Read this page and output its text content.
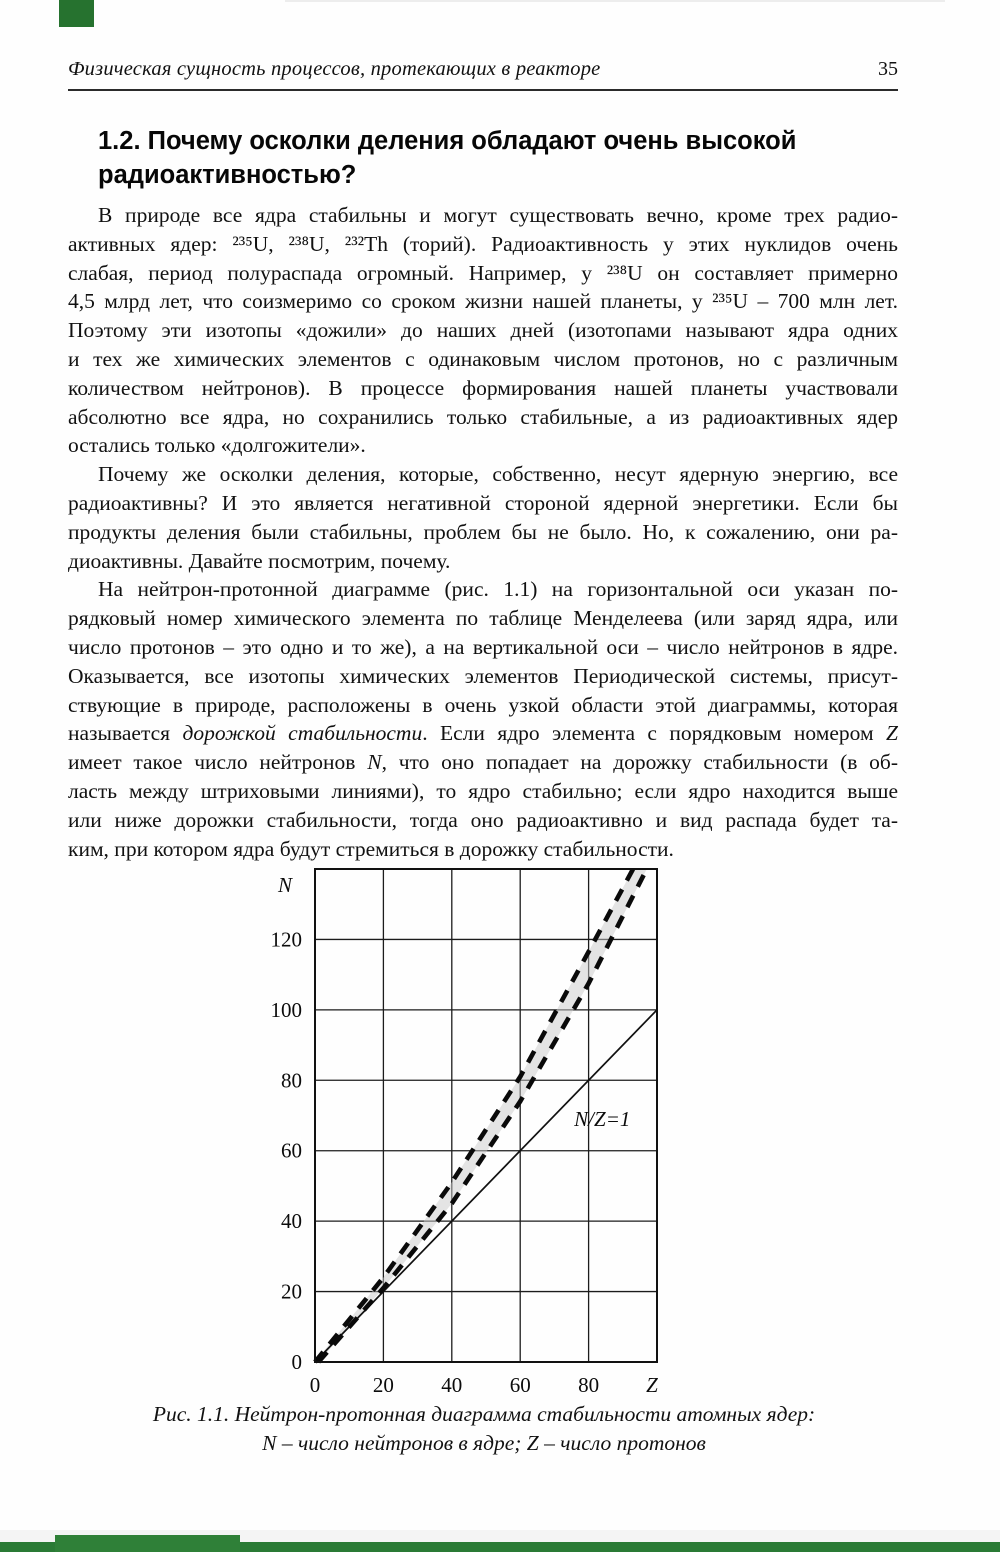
Физическая сущность процессов, протекающих в реакторе	35
1.2. Почему осколки деления обладают очень высокой
радиоактивностью?
В природе все ядра стабильны и могут существовать вечно, кроме трех радио-
активных ядер: ²³⁵U, ²³⁸U, ²³²Th (торий). Радиоактивность у этих нуклидов очень
слабая, период полураспада огромный. Например, у ²³⁸U он составляет примерно
4,5 млрд лет, что соизмеримо со сроком жизни нашей планеты, у ²³⁵U – 700 млн лет.
Поэтому эти изотопы «дожили» до наших дней (изотопами называют ядра одних
и тех же химических элементов с одинаковым числом протонов, но с различным
количеством нейтронов). В процессе формирования нашей планеты участвовали
абсолютно все ядра, но сохранились только стабильные, а из радиоактивных ядер
остались только «долгожители».
Почему же осколки деления, которые, собственно, несут ядерную энергию, все
радиоактивны? И это является негативной стороной ядерной энергетики. Если бы
продукты деления были стабильны, проблем бы не было. Но, к сожалению, они ра-
диоактивны. Давайте посмотрим, почему.
На нейтрон-протонной диаграмме (рис. 1.1) на горизонтальной оси указан по-
рядковый номер химического элемента по таблице Менделеева (или заряд ядра, или
число протонов – это одно и то же), а на вертикальной оси – число нейтронов в ядре.
Оказывается, все изотопы химических элементов Периодической системы, присут-
ствующие в природе, расположены в очень узкой области этой диаграммы, которая
называется дорожкой стабильности. Если ядро элемента с порядковым номером Z
имеет такое число нейтронов N, что оно попадает на дорожку стабильности (в об-
ласть между штриховыми линиями), то ядро стабильно; если ядро находится выше
или ниже дорожки стабильности, тогда оно радиоактивно и вид распада будет та-
ким, при котором ядра будут стремиться в дорожку стабильности.
0
20
40
60
80
100
120
0	20 40 60 80
N
Z
N/Z=1
Рис. 1.1. Нейтрон-протонная диаграмма стабильности атомных ядер:
N – число нейтронов в ядре; Z – число протонов
